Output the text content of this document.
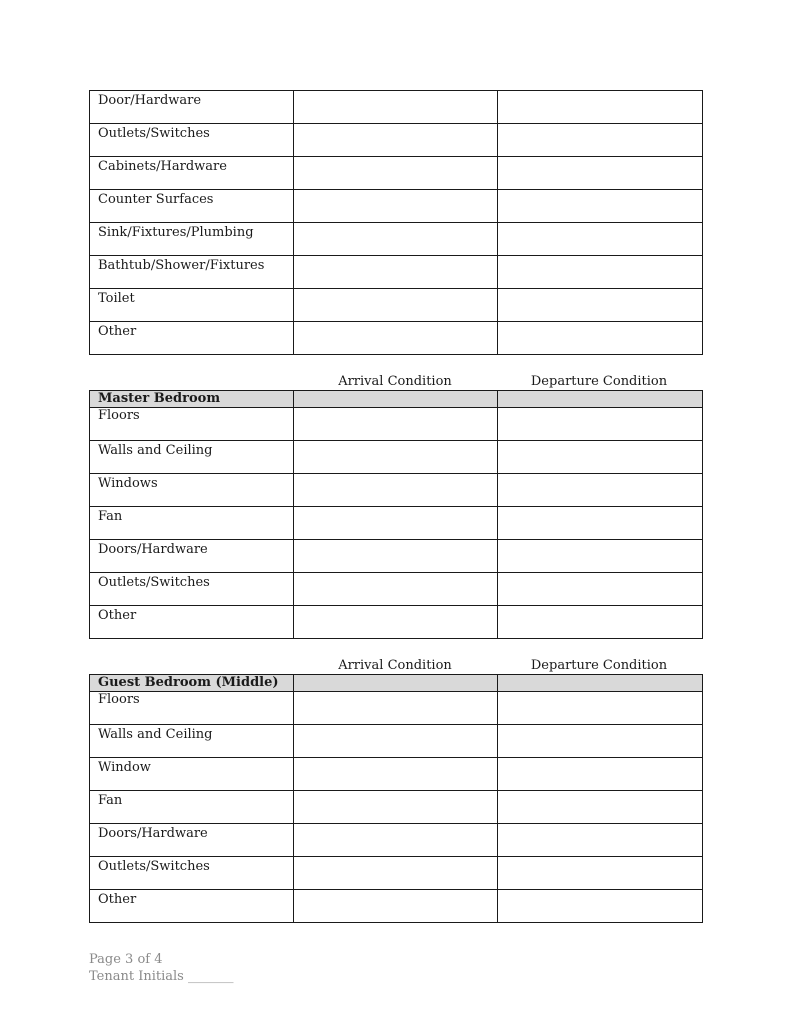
Door/Hardware		
Outlets/Switches		
Cabinets/Hardware		
Counter Surfaces		
Sink/Fixtures/Plumbing		
Bathtub/Shower/Fixtures		
Toilet		
Other		
Arrival Condition	Departure Condition
Master Bedroom		
Floors		
Walls and Ceiling		
Windows		
Fan		
Doors/Hardware		
Outlets/Switches		
Other		
Arrival Condition	Departure Condition
Guest Bedroom (Middle)		
Floors		
Walls and Ceiling		
Window		
Fan		
Doors/Hardware		
Outlets/Switches		
Other		
Page 3 of 4
Tenant Initials _______
